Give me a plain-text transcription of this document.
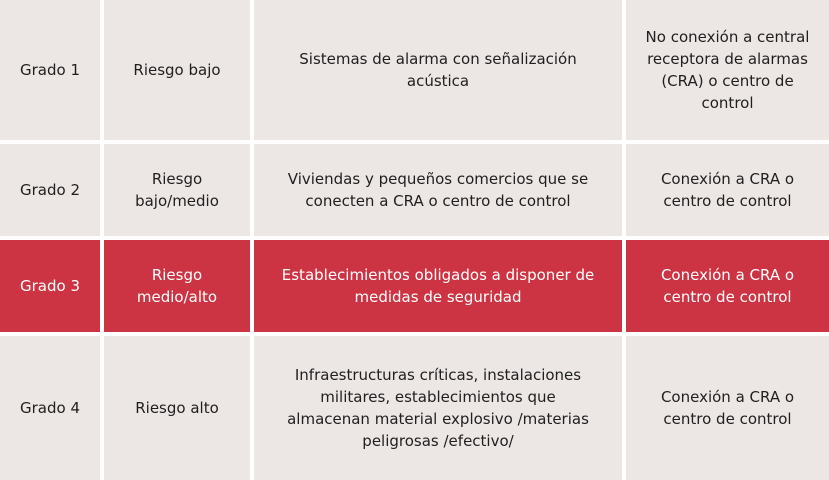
Grado 1	Riesgo bajo
Sistemas de alarma con señalización acústica
No conexión a central receptora de alarmas (CRA) o centro de control
Grado 2
Riesgo bajo/medio
Viviendas y pequeños comercios que se conecten a CRA o centro de control
Conexión a CRA o centro de control
Grado 3
Riesgo medio/alto
Establecimientos obligados a disponer de medidas de seguridad
Conexión a CRA o centro de control
Grado 4	Riesgo alto
Infraestructuras críticas, instalaciones militares, establecimientos que almacenan material explosivo /materias peligrosas /efectivo/
Conexión a CRA o centro de control
